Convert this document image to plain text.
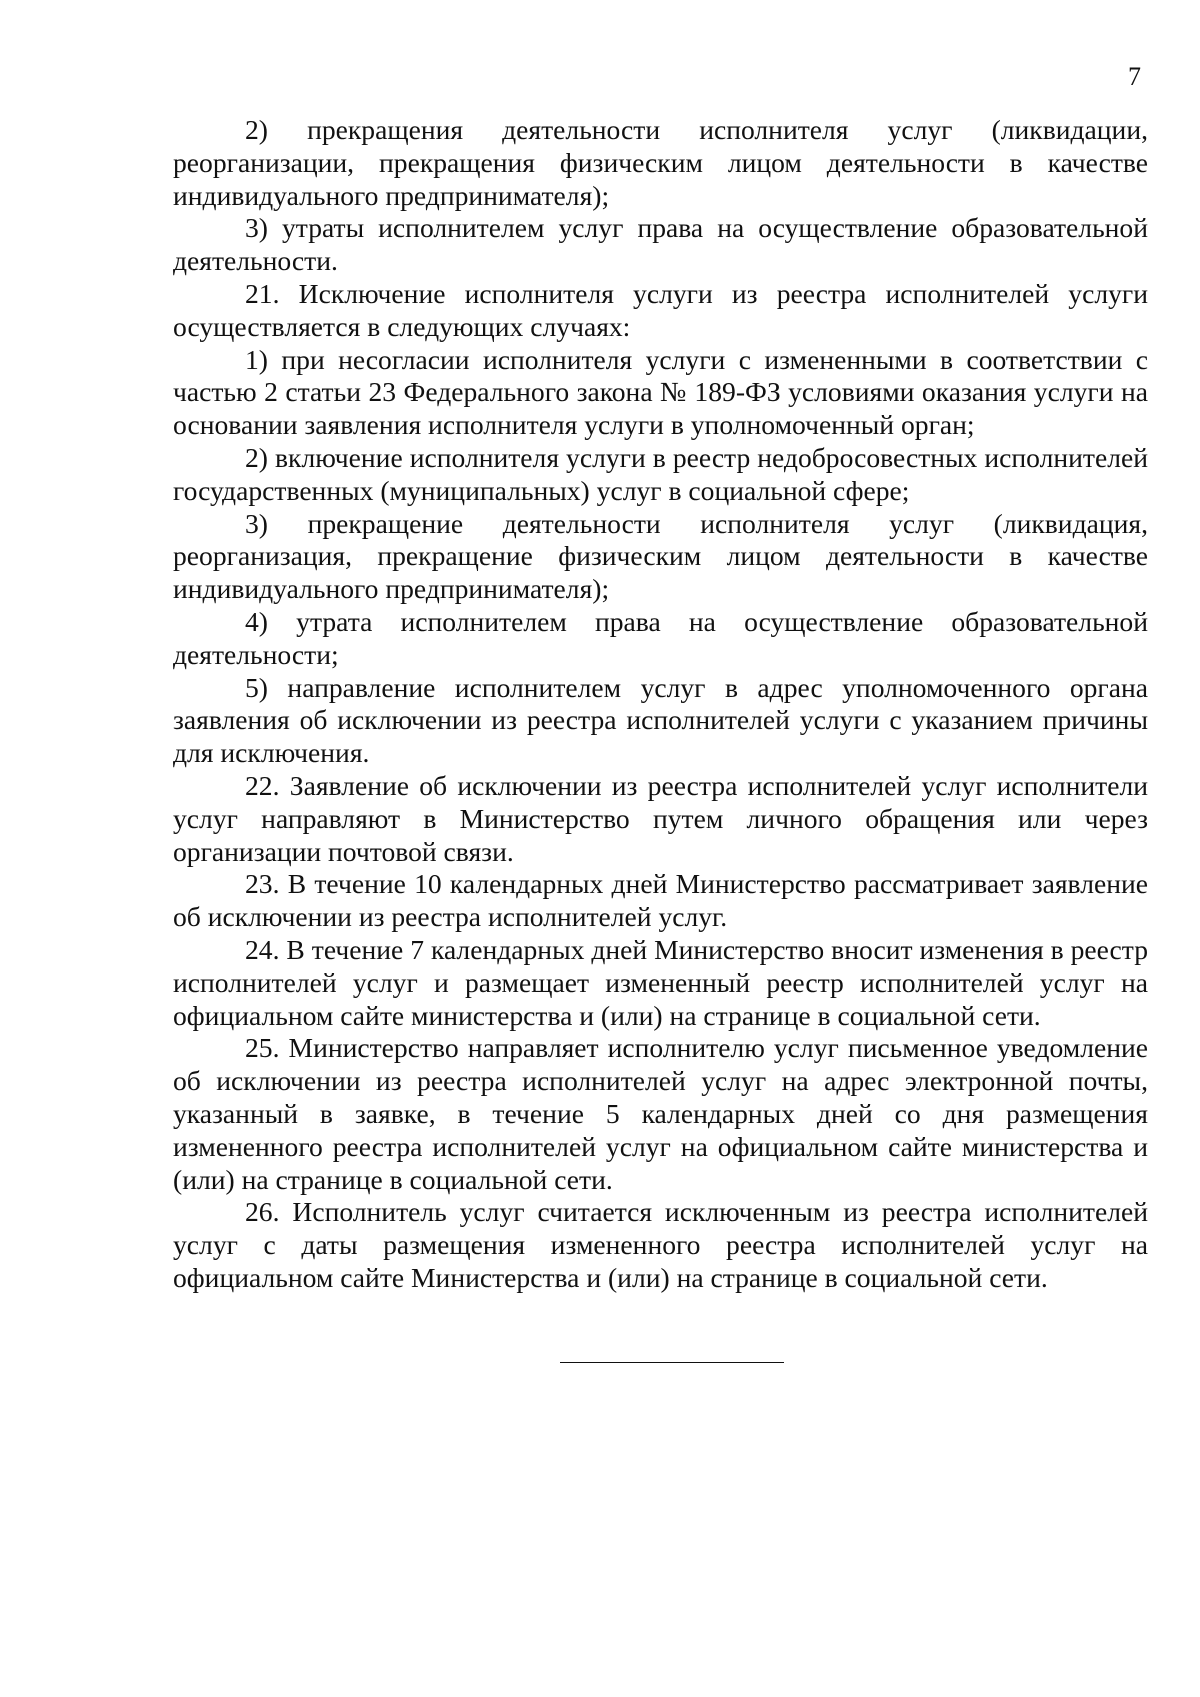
7

2) прекращения деятельности исполнителя услуг (ликвидации, реорганизации, прекращения физическим лицом деятельности в качестве индивидуального предпринимателя);

3) утраты исполнителем услуг права на осуществление образовательной деятельности.

21. Исключение исполнителя услуги из реестра исполнителей услуги осуществляется в следующих случаях:

1) при несогласии исполнителя услуги с измененными в соответствии с частью 2 статьи 23 Федерального закона № 189-ФЗ условиями оказания услуги на основании заявления исполнителя услуги в уполномоченный орган;

2) включение исполнителя услуги в реестр недобросовестных исполнителей государственных (муниципальных) услуг в социальной сфере;

3) прекращение деятельности исполнителя услуг (ликвидация, реорганизация, прекращение физическим лицом деятельности в качестве индивидуального предпринимателя);

4) утрата исполнителем права на осуществление образовательной деятельности;

5) направление исполнителем услуг в адрес уполномоченного органа заявления об исключении из реестра исполнителей услуги с указанием причины для исключения.

22. Заявление об исключении из реестра исполнителей услуг исполнители услуг направляют в Министерство путем личного обращения или через организации почтовой связи.

23. В течение 10 календарных дней Министерство рассматривает заявление об исключении из реестра исполнителей услуг.

24. В течение 7 календарных дней Министерство вносит изменения в реестр исполнителей услуг и размещает измененный реестр исполнителей услуг на официальном сайте министерства и (или) на странице в социальной сети.

25. Министерство направляет исполнителю услуг письменное уведомление об исключении из реестра исполнителей услуг на адрес электронной почты, указанный в заявке, в течение 5 календарных дней со дня размещения измененного реестра исполнителей услуг на официальном сайте министерства и (или) на странице в социальной сети.

26. Исполнитель услуг считается исключенным из реестра исполнителей услуг с даты размещения измененного реестра исполнителей услуг на официальном сайте Министерства и (или) на странице в социальной сети.
